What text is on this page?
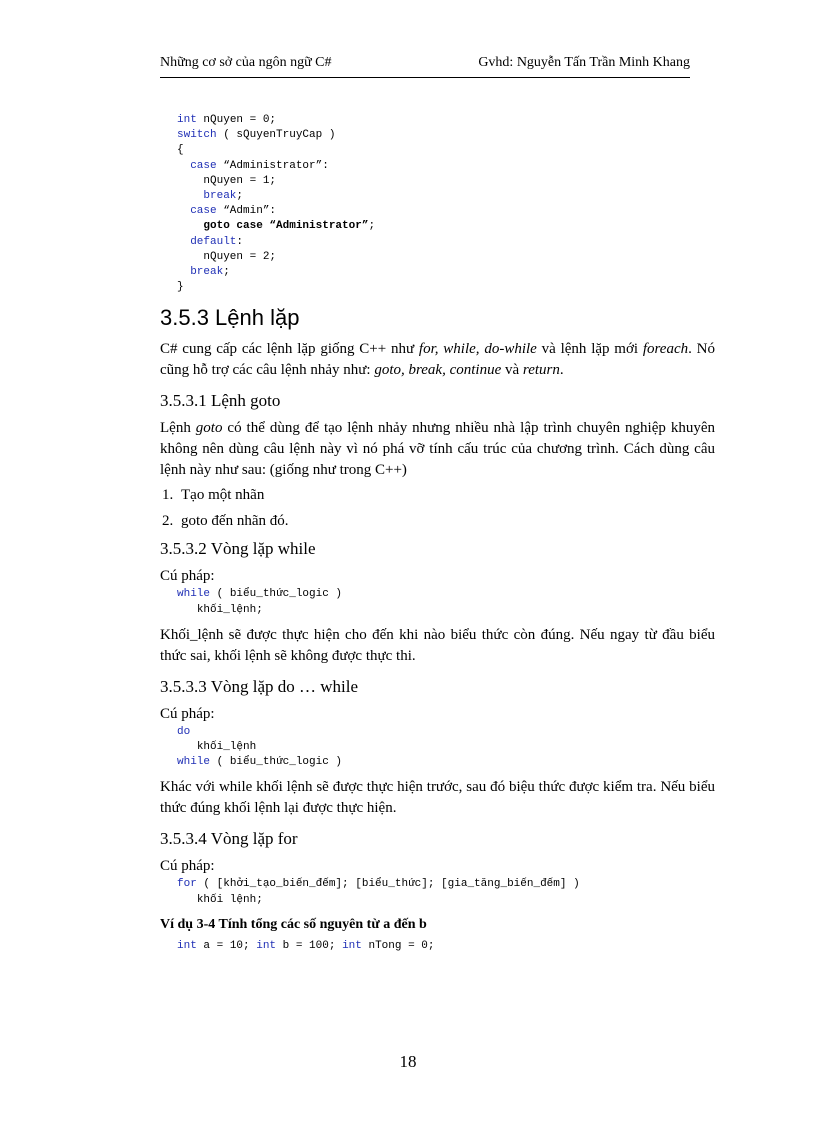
Những cơ sở của ngôn ngữ C#	Gvhd: Nguyễn Tấn Trần Minh Khang
int nQuyen = 0;
switch ( sQuyenTruyCap )
{
case “Administrator”:
nQuyen = 1;
break;
case “Admin”:
goto case “Administrator”;
default:
nQuyen = 2;
break;
}
3.5.3 Lệnh lặp

C# cung cấp các lệnh lặp giống C++ như for, while, do-while và lệnh lặp mới foreach. Nó cũng hỗ trợ các câu lệnh nhảy như: goto, break, continue và return.

3.5.3.1 Lệnh goto

Lệnh goto có thể dùng để tạo lệnh nhảy nhưng nhiều nhà lập trình chuyên nghiệp khuyên không nên dùng câu lệnh này vì nó phá vỡ tính cấu trúc của chương trình. Cách dùng câu lệnh này như sau: (giống như trong C++)

1. Tạo một nhãn
2. goto đến nhãn đó.
3.5.3.2 Vòng lặp while

Cú pháp:

while ( biểu_thức_logic )
khối_lệnh;

Khối_lệnh sẽ được thực hiện cho đến khi nào biểu thức còn đúng. Nếu ngay từ đầu biểu thức sai, khối lệnh sẽ không được thực thi.

3.5.3.3 Vòng lặp do … while

Cú pháp:

do
khối_lệnh
while ( biểu_thức_logic )

Khác với while khối lệnh sẽ được thực hiện trước, sau đó biệu thức được kiểm tra. Nếu biểu thức đúng khối lệnh lại được thực hiện.

3.5.3.4 Vòng lặp for

Cú pháp:

for ( [khởi_tạo_biến_đếm]; [biểu_thức]; [gia_tăng_biến_đếm] )
khối lệnh;

Ví dụ 3-4 Tính tổng các số nguyên từ a đến b

int a = 10; int b = 100; int nTong = 0;
18
